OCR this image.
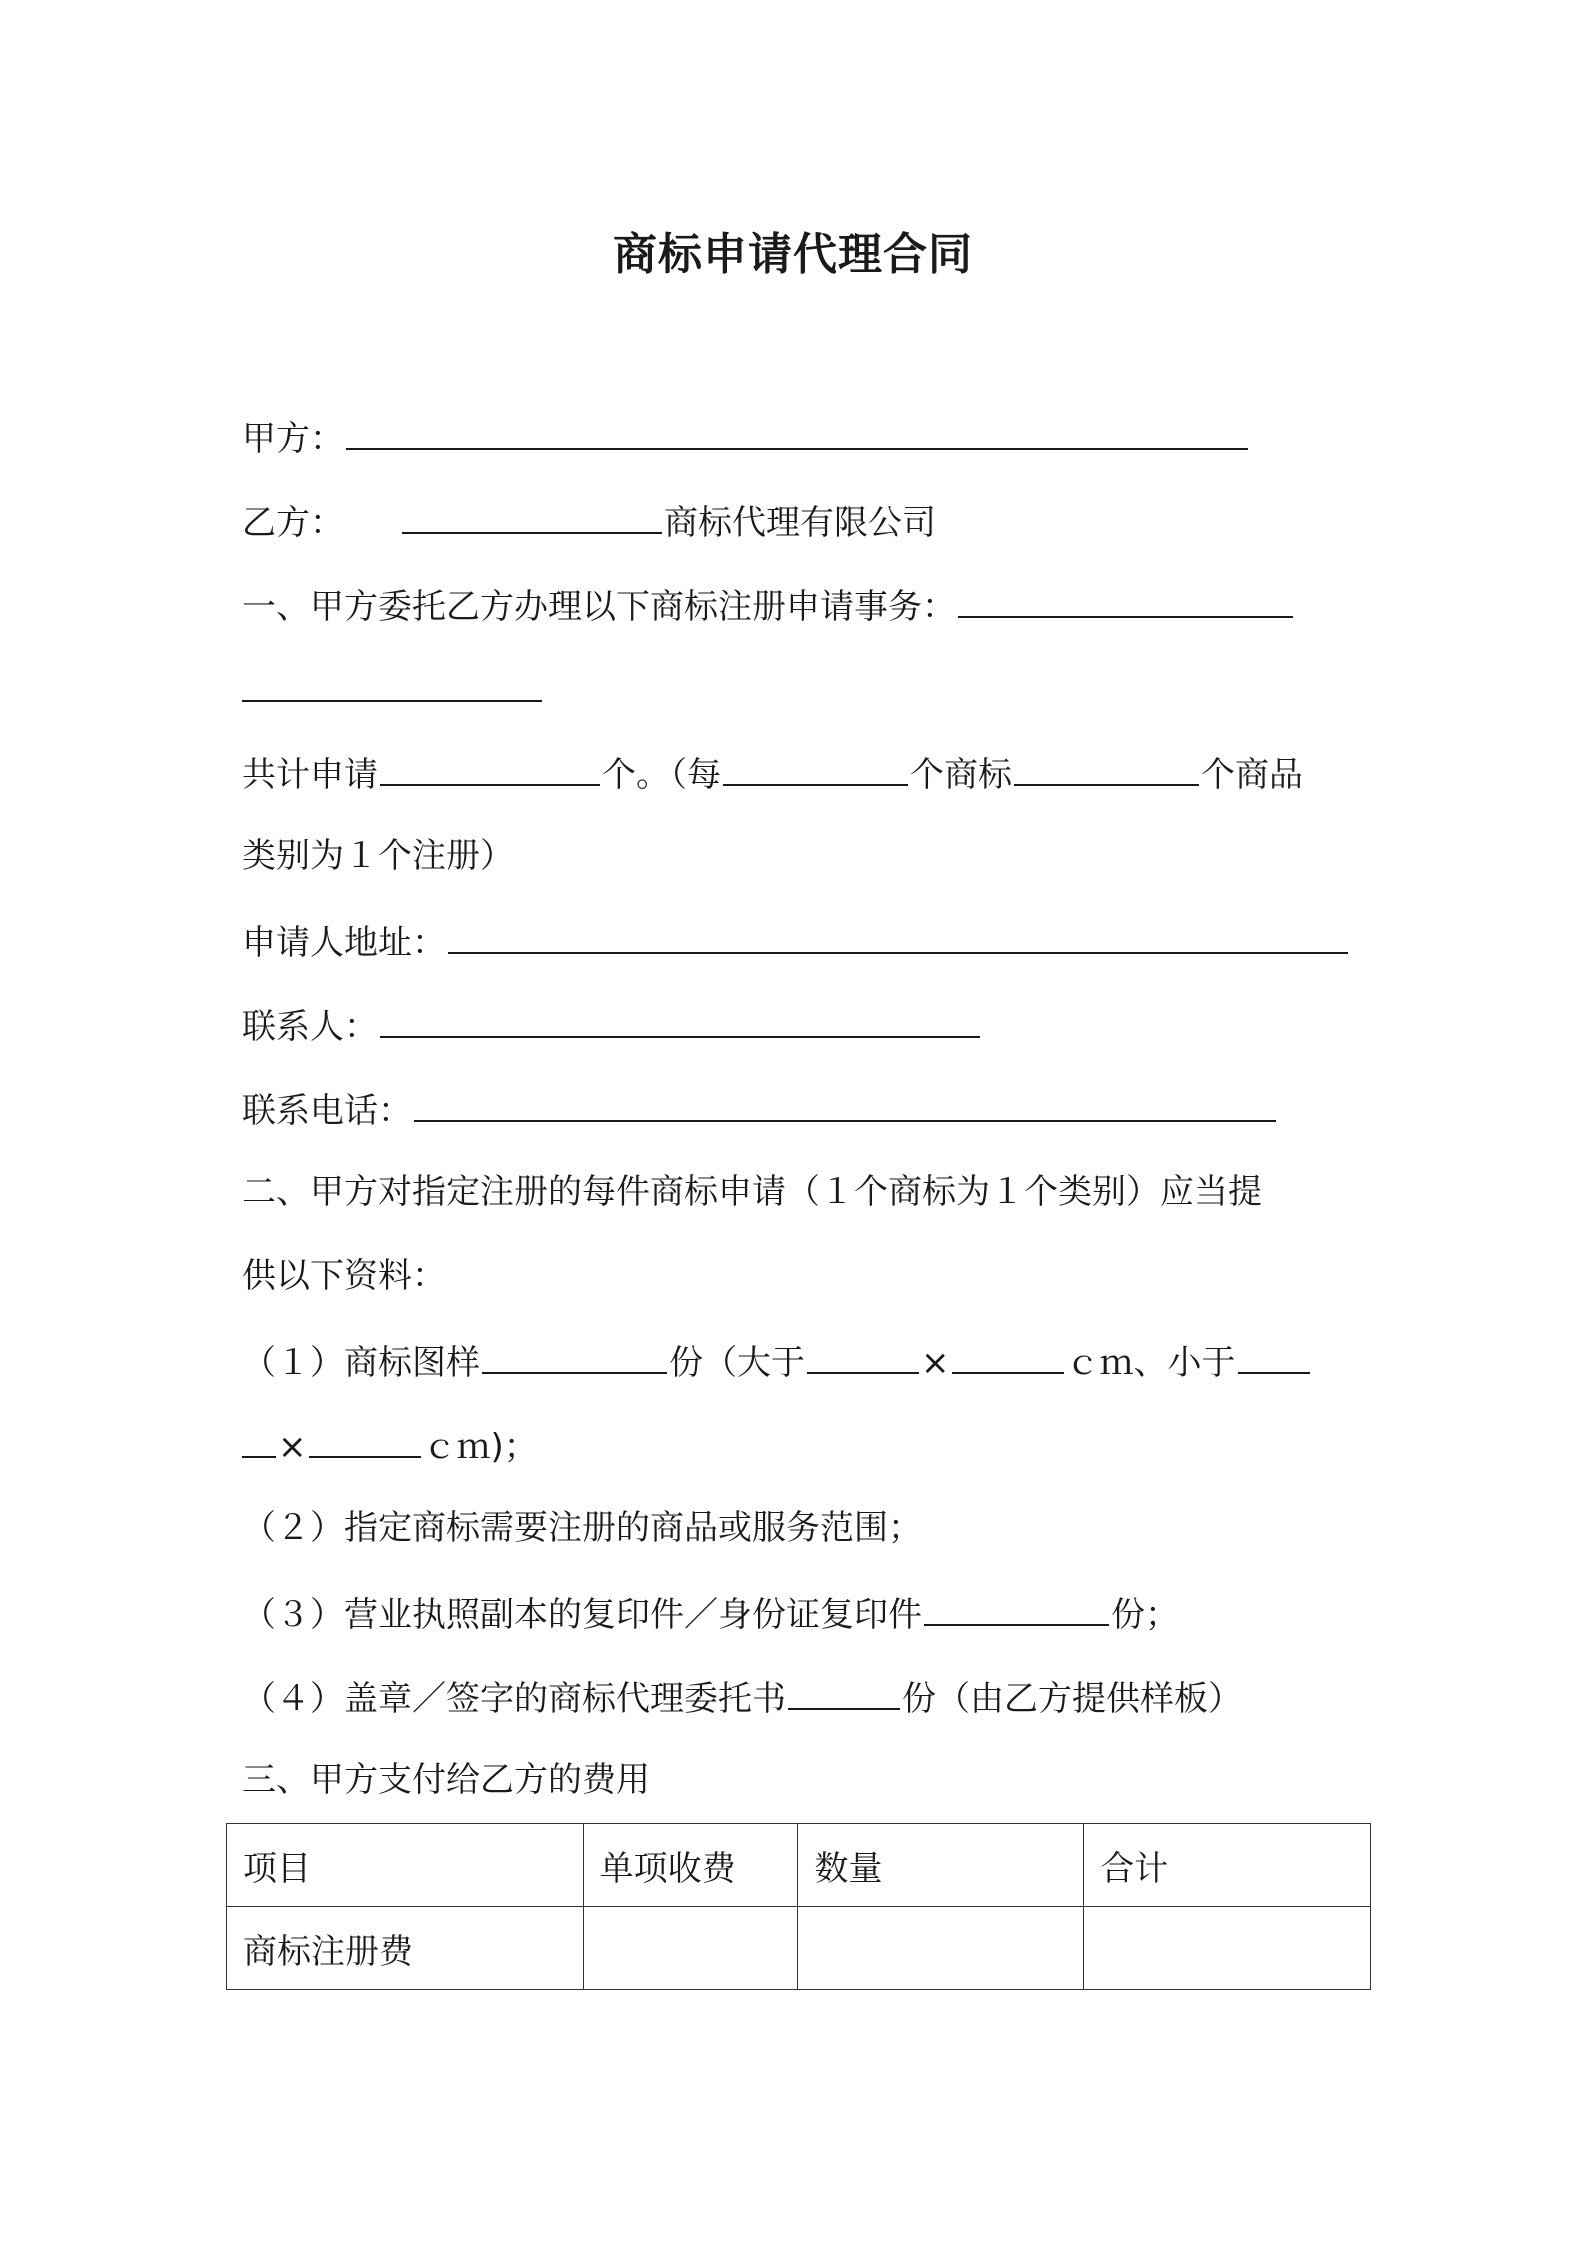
商标申请代理合同
甲方：
乙方：	商标代理有限公司
一、甲方委托乙方办理以下商标注册申请事务：
共计申请	个。（每	个商标	个商品
类别为１个注册）
申请人地址：
联系人：
联系电话：
二、甲方对指定注册的每件商标申请（１个商标为１个类别）应当提
供以下资料：
（１）商标图样	份（大于	×	ｃｍ、小于
×	ｃｍ)；
（２）指定商标需要注册的商品或服务范围；
（３）营业执照副本的复印件／身份证复印件	份；
（４）盖章／签字的商标代理委托书	份（由乙方提供样板）
三、甲方支付给乙方的费用
项目	单项收费	数量	合计
商标注册费			
